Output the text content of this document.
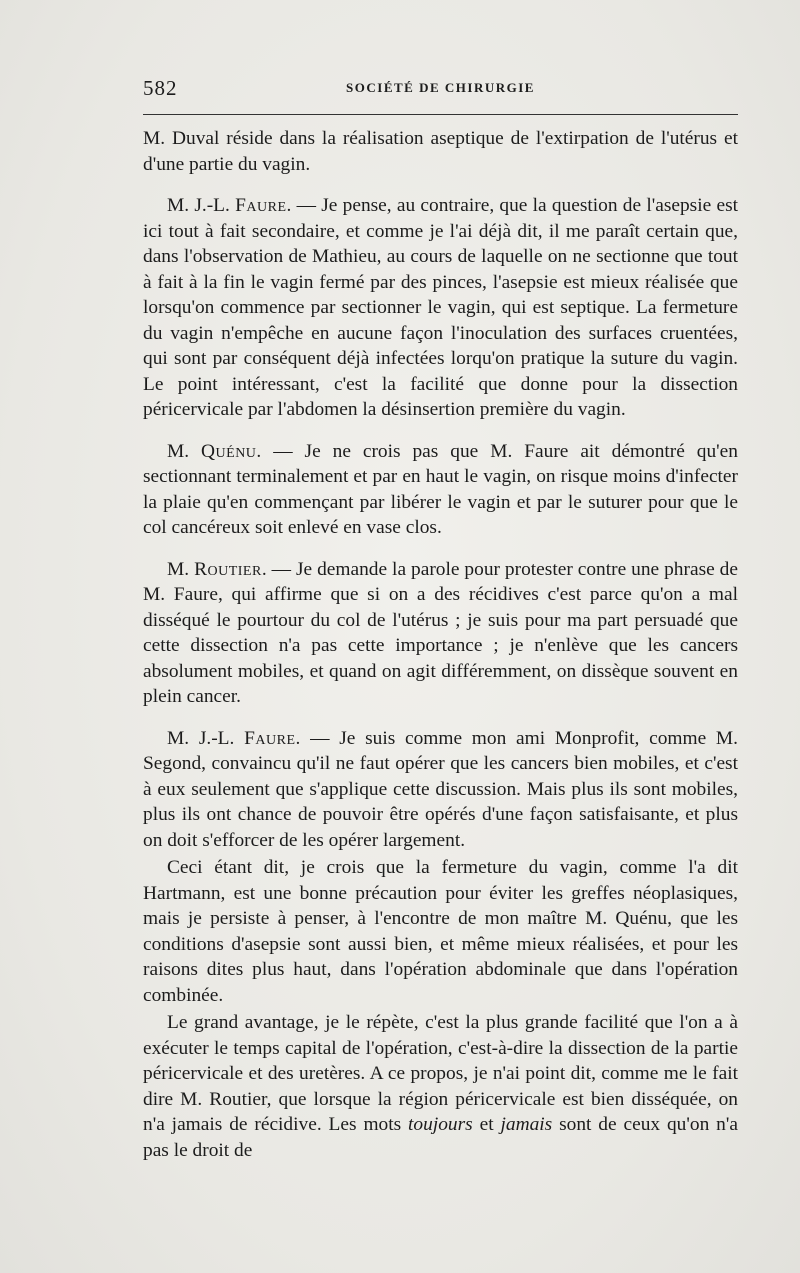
582	SOCIÉTÉ DE CHIRURGIE

M. Duval réside dans la réalisation aseptique de l'extirpation de l'utérus et d'une partie du vagin.

M. J.-L. Faure. — Je pense, au contraire, que la question de l'asepsie est ici tout à fait secondaire, et comme je l'ai déjà dit, il me paraît certain que, dans l'observation de Mathieu, au cours de laquelle on ne sectionne que tout à fait à la fin le vagin fermé par des pinces, l'asepsie est mieux réalisée que lorsqu'on commence par sectionner le vagin, qui est septique. La fermeture du vagin n'empêche en aucune façon l'inoculation des surfaces cruentées, qui sont par conséquent déjà infectées lorqu'on pratique la suture du vagin. Le point intéressant, c'est la facilité que donne pour la dissection péricervicale par l'abdomen la désinsertion première du vagin.

M. Quénu. — Je ne crois pas que M. Faure ait démontré qu'en sectionnant terminalement et par en haut le vagin, on risque moins d'infecter la plaie qu'en commençant par libérer le vagin et par le suturer pour que le col cancéreux soit enlevé en vase clos.

M. Routier. — Je demande la parole pour protester contre une phrase de M. Faure, qui affirme que si on a des récidives c'est parce qu'on a mal disséqué le pourtour du col de l'utérus ; je suis pour ma part persuadé que cette dissection n'a pas cette importance ; je n'enlève que les cancers absolument mobiles, et quand on agit différemment, on dissèque souvent en plein cancer.

M. J.-L. Faure. — Je suis comme mon ami Monprofit, comme M. Segond, convaincu qu'il ne faut opérer que les cancers bien mobiles, et c'est à eux seulement que s'applique cette discussion. Mais plus ils sont mobiles, plus ils ont chance de pouvoir être opérés d'une façon satisfaisante, et plus on doit s'efforcer de les opérer largement.

Ceci étant dit, je crois que la fermeture du vagin, comme l'a dit Hartmann, est une bonne précaution pour éviter les greffes néoplasiques, mais je persiste à penser, à l'encontre de mon maître M. Quénu, que les conditions d'asepsie sont aussi bien, et même mieux réalisées, et pour les raisons dites plus haut, dans l'opération abdominale que dans l'opération combinée.

Le grand avantage, je le répète, c'est la plus grande facilité que l'on a à exécuter le temps capital de l'opération, c'est-à-dire la dissection de la partie péricervicale et des uretères. A ce propos, je n'ai point dit, comme me le fait dire M. Routier, que lorsque la région péricervicale est bien disséquée, on n'a jamais de récidive. Les mots toujours et jamais sont de ceux qu'on n'a pas le droit de
